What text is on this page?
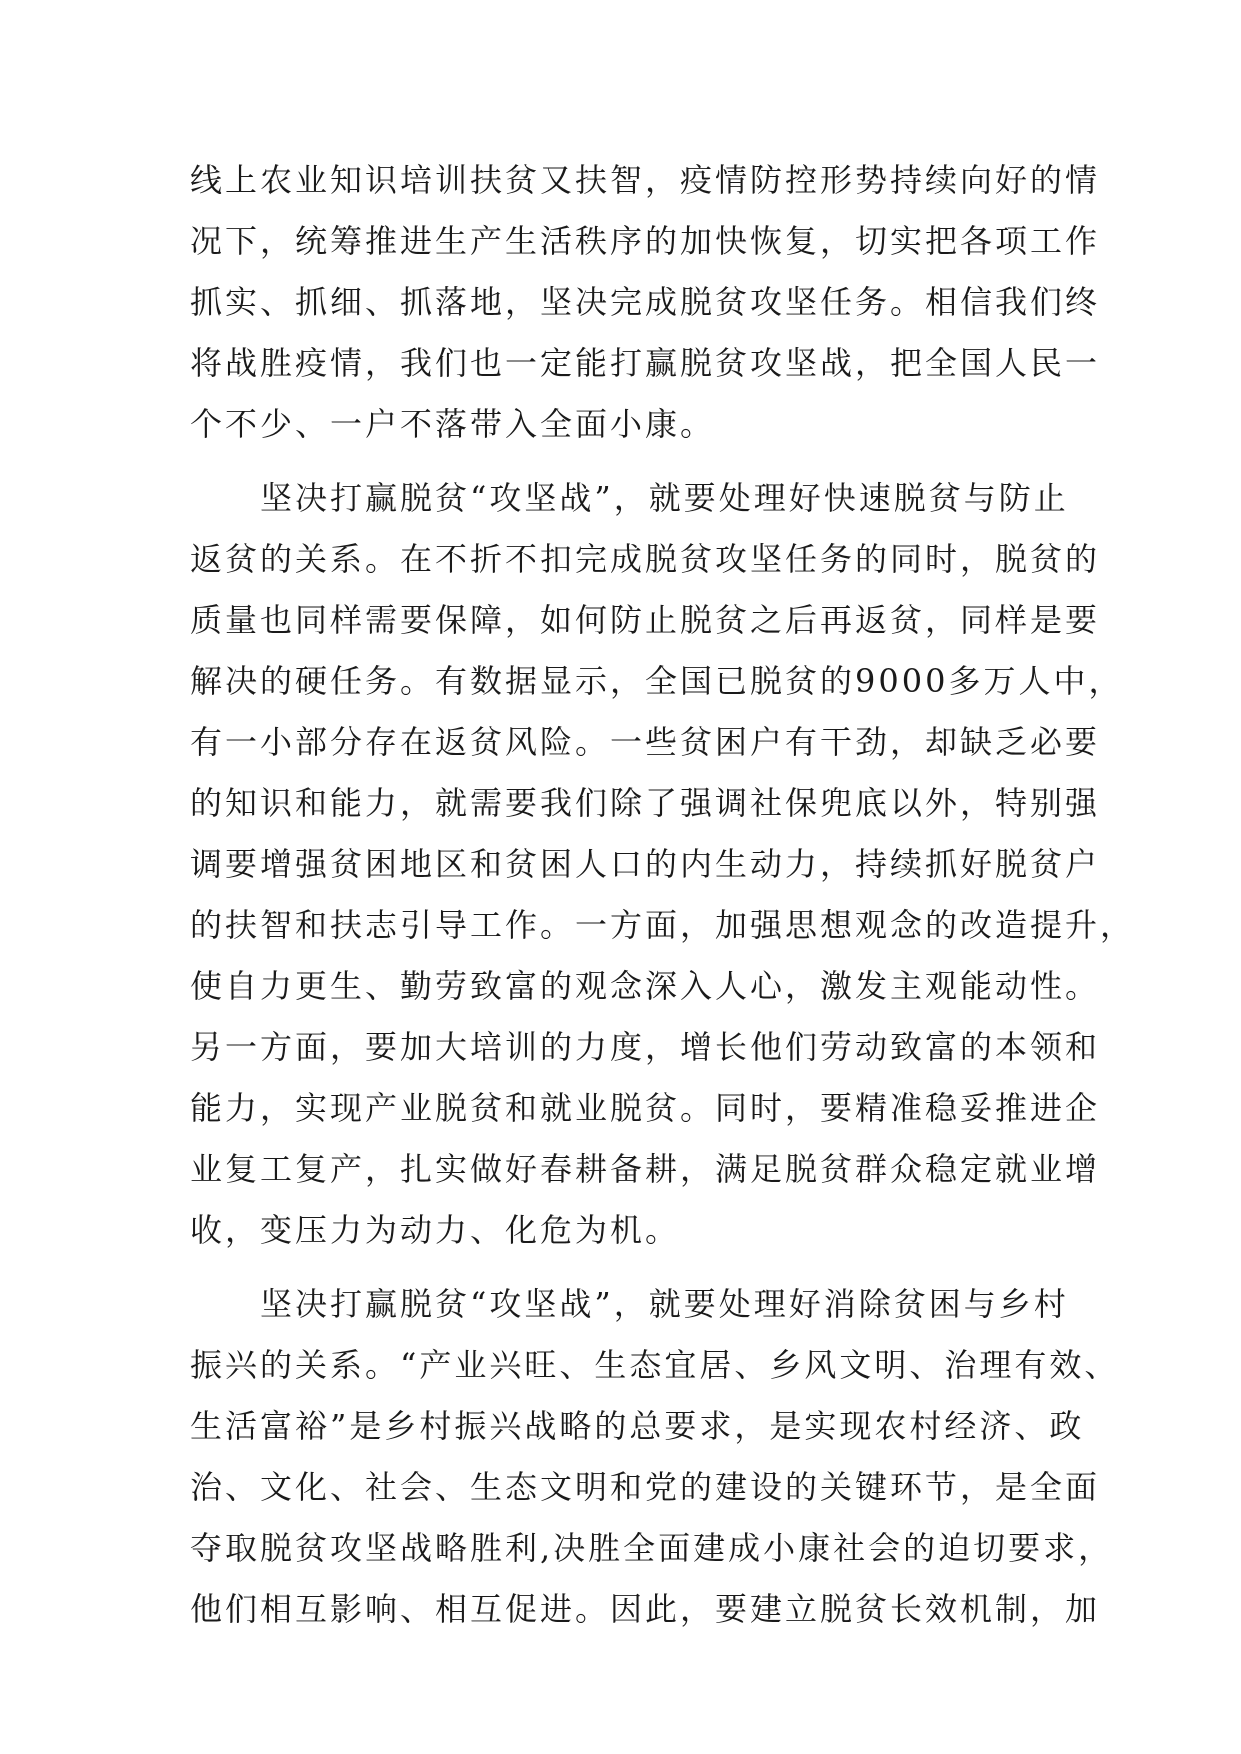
线上农业知识培训扶贫又扶智，疫情防控形势持续向好的情
况下，统筹推进生产生活秩序的加快恢复，切实把各项工作
抓实、抓细、抓落地，坚决完成脱贫攻坚任务。相信我们终
将战胜疫情，我们也一定能打赢脱贫攻坚战，把全国人民一
个不少、一户不落带入全面小康。
　　坚决打赢脱贫“攻坚战”，就要处理好快速脱贫与防止
返贫的关系。在不折不扣完成脱贫攻坚任务的同时，脱贫的
质量也同样需要保障，如何防止脱贫之后再返贫，同样是要
解决的硬任务。有数据显示，全国已脱贫的9000多万人中，
有一小部分存在返贫风险。一些贫困户有干劲，却缺乏必要
的知识和能力，就需要我们除了强调社保兜底以外，特别强
调要增强贫困地区和贫困人口的内生动力，持续抓好脱贫户
的扶智和扶志引导工作。一方面，加强思想观念的改造提升，
使自力更生、勤劳致富的观念深入人心，激发主观能动性。
另一方面，要加大培训的力度，增长他们劳动致富的本领和
能力，实现产业脱贫和就业脱贫。同时，要精准稳妥推进企
业复工复产，扎实做好春耕备耕，满足脱贫群众稳定就业增
收，变压力为动力、化危为机。
　　坚决打赢脱贫“攻坚战”，就要处理好消除贫困与乡村
振兴的关系。“产业兴旺、生态宜居、乡风文明、治理有效、
生活富裕”是乡村振兴战略的总要求，是实现农村经济、政
治、文化、社会、生态文明和党的建设的关键环节，是全面
夺取脱贫攻坚战略胜利,决胜全面建成小康社会的迫切要求，
他们相互影响、相互促进。因此，要建立脱贫长效机制，加
